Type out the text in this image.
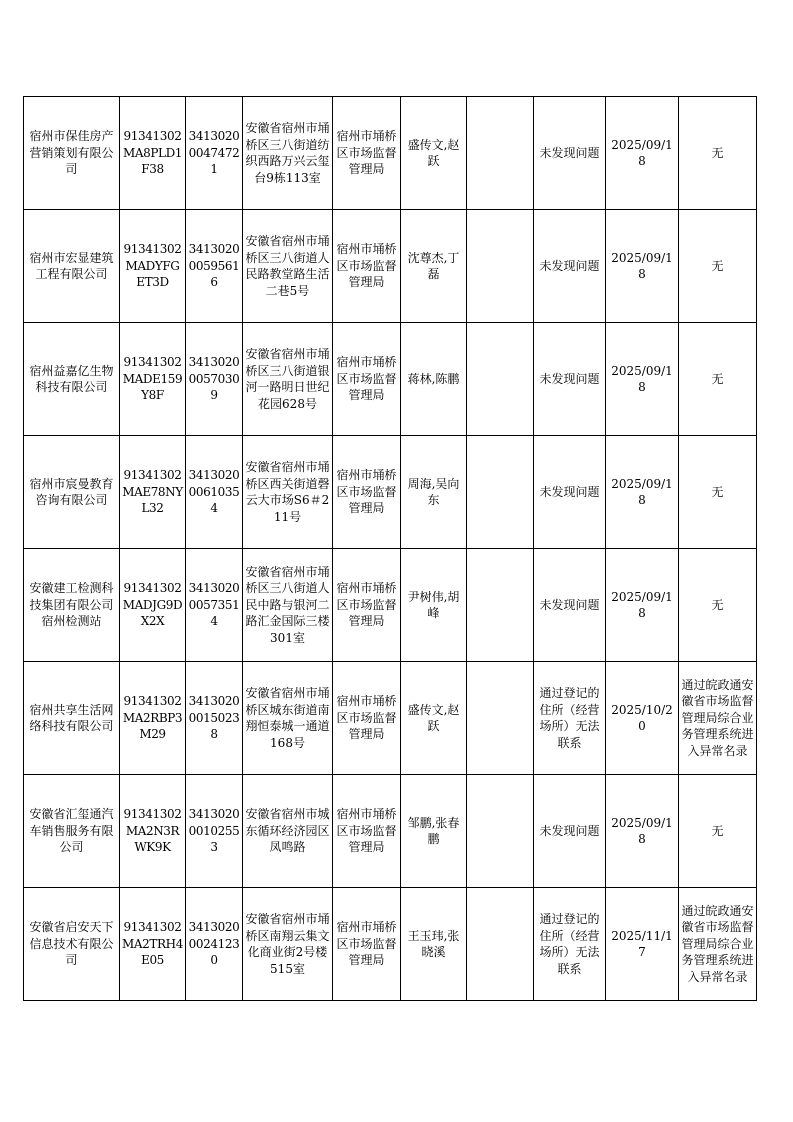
宿州市保佳房产营销策划有限公司	91341302MA8PLD1F38	341302000474721	安徽省宿州市埇桥区三八街道纺织西路万兴云玺台9栋113室	宿州市埇桥区市场监督管理局	盛传文,赵跃		未发现问题	2025/09/18	无
宿州市宏显建筑工程有限公司	91341302MADYFGET3D	341302000595616	安徽省宿州市埇桥区三八街道人民路教堂路生活二巷5号	宿州市埇桥区市场监督管理局	沈尊杰,丁磊		未发现问题	2025/09/18	无
宿州益嘉亿生物科技有限公司	91341302MADE159Y8F	341302000570309	安徽省宿州市埇桥区三八街道银河一路明日世纪花园628号	宿州市埇桥区市场监督管理局	蒋林,陈鹏		未发现问题	2025/09/18	无
宿州市宸曼教育咨询有限公司	91341302MAE78NYL32	341302000610354	安徽省宿州市埇桥区西关街道磬云大市场S6＃211号	宿州市埇桥区市场监督管理局	周海,吴向东		未发现问题	2025/09/18	无
安徽建工检测科技集团有限公司宿州检测站	91341302MADJG9DX2X	341302000573514	安徽省宿州市埇桥区三八街道人民中路与银河二路汇金国际三楼301室	宿州市埇桥区市场监督管理局	尹树伟,胡峰		未发现问题	2025/09/18	无
宿州共享生活网络科技有限公司	91341302MA2RBP3M29	341302000150238	安徽省宿州市埇桥区城东街道南翔恒泰城一通道168号	宿州市埇桥区市场监督管理局	盛传文,赵跃		通过登记的住所（经营场所）无法联系	2025/10/20	通过皖政通安徽省市场监督管理局综合业务管理系统进入异常名录
安徽省汇玺通汽车销售服务有限公司	91341302MA2N3RWK9K	341302000102553	安徽省宿州市城东循环经济园区凤鸣路	宿州市埇桥区市场监督管理局	邹鹏,张春鹏		未发现问题	2025/09/18	无
安徽省启安天下信息技术有限公司	91341302MA2TRH4E05	341302000241230	安徽省宿州市埇桥区南翔云集文化商业街2号楼515室	宿州市埇桥区市场监督管理局	王玉玮,张晓溪		通过登记的住所（经营场所）无法联系	2025/11/17	通过皖政通安徽省市场监督管理局综合业务管理系统进入异常名录
